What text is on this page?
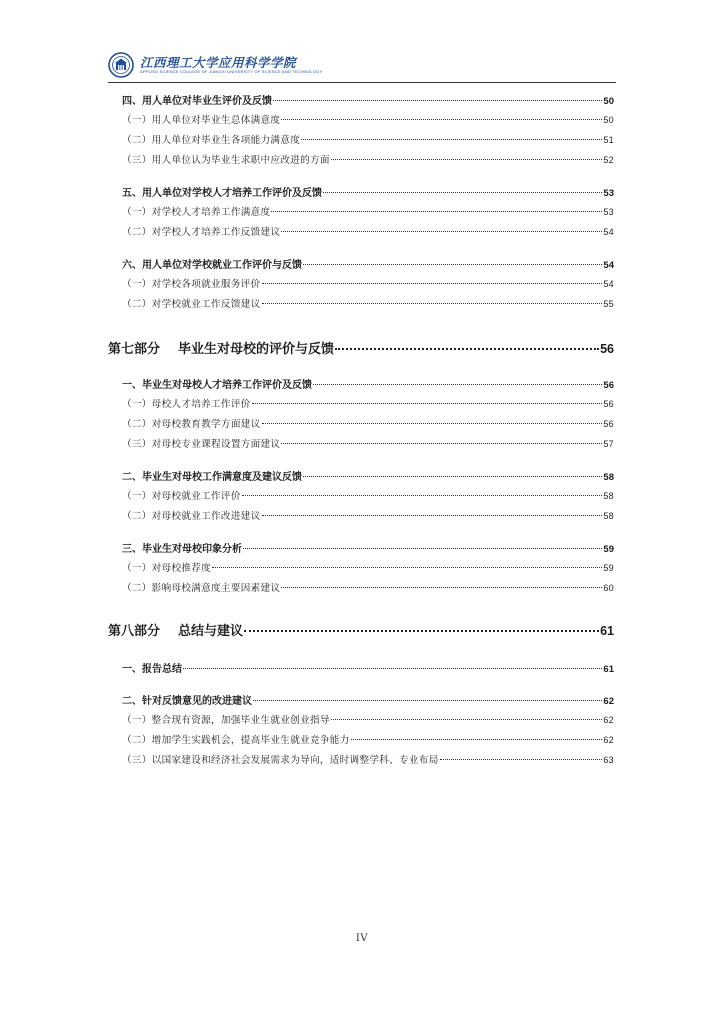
江西理工大学应用科学学院
APPLIED SCIENCE COLLEGE OF JIANGXI UNIVERSITY OF SCIENCE AND TECHNOLOGY
四、用人单位对毕业生评价及反馈	50
（一）用人单位对毕业生总体满意度	50
（二）用人单位对毕业生各项能力满意度	51
（三）用人单位认为毕业生求职中应改进的方面	52
五、用人单位对学校人才培养工作评价及反馈	53
（一）对学校人才培养工作满意度	53
（二）对学校人才培养工作反馈建议	54
六、用人单位对学校就业工作评价与反馈	54
（一）对学校各项就业服务评价	54
（二）对学校就业工作反馈建议	55
第七部分 毕业生对母校的评价与反馈	56
一、毕业生对母校人才培养工作评价及反馈	56
（一）母校人才培养工作评价	56
（二）对母校教育教学方面建议	56
（三）对母校专业课程设置方面建议	57
二、毕业生对母校工作满意度及建议反馈	58
（一）对母校就业工作评价	58
（二）对母校就业工作改进建议	58
三、毕业生对母校印象分析	59
（一）对母校推荐度	59
（二）影响母校满意度主要因素建议	60
第八部分 总结与建议	61
一、报告总结	61
二、针对反馈意见的改进建议	62
（一）整合现有资源，加强毕业生就业创业指导	62
（二）增加学生实践机会，提高毕业生就业竞争能力	62
（三）以国家建设和经济社会发展需求为导向，适时调整学科、专业布局	63
IV
